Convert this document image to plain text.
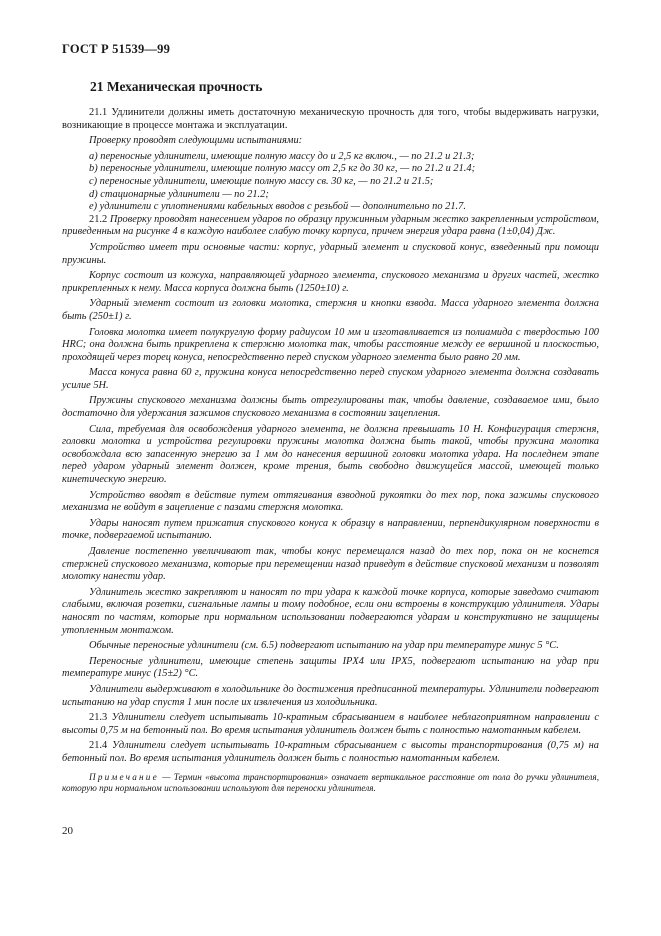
ГОСТ Р 51539—99
21 Механическая прочность

21.1 Удлинители должны иметь достаточную механическую прочность для того, чтобы выдерживать нагрузки, возникающие в процессе монтажа и эксплуатации.

Проверку проводят следующими испытаниями:

а) переносные удлинители, имеющие полную массу до и 2,5 кг включ., — по 21.2 и 21.3;

b) переносные удлинители, имеющие полную массу от 2,5 кг до 30 кг, — по 21.2 и 21.4;

c) переносные удлинители, имеющие полную массу св. 30 кг, — по 21.2 и 21.5;

d) стационарные удлинители — по 21.2;

e) удлинители с уплотнениями кабельных вводов с резьбой — дополнительно по 21.7.

21.2 Проверку проводят нанесением ударов по образцу пружинным ударным жестко закрепленным устройством, приведенным на рисунке 4 в каждую наиболее слабую точку корпуса, причем энергия удара равна (1±0,04) Дж.

Устройство имеет три основные части: корпус, ударный элемент и спусковой конус, взведенный при помощи пружины.

Корпус состоит из кожуха, направляющей ударного элемента, спускового механизма и других частей, жестко прикрепленных к нему. Масса корпуса должна быть (1250±10) г.

Ударный элемент состоит из головки молотка, стержня и кнопки взвода. Масса ударного элемента должна быть (250±1) г.

Головка молотка имеет полукруглую форму радиусом 10 мм и изготавливается из полиамида с твердостью 100 HRC; она должна быть прикреплена к стержню молотка так, чтобы расстояние между ее вершиной и плоскостью, проходящей через торец конуса, непосредственно перед спуском ударного элемента было равно 20 мм.

Масса конуса равна 60 г, пружина конуса непосредственно перед спуском ударного элемента должна создавать усилие 5Н.

Пружины спускового механизма должны быть отрегулированы так, чтобы давление, создаваемое ими, было достаточно для удержания зажимов спускового механизма в состоянии зацепления.

Сила, требуемая для освобождения ударного элемента, не должна превышать 10 Н. Конфигурация стержня, головки молотка и устройства регулировки пружины молотка должна быть такой, чтобы пружина молотка освобождала всю запасенную энергию за 1 мм до нанесения вершиной головки молотка удара. На последнем этапе перед ударом ударный элемент должен, кроме трения, быть свободно движущейся массой, имеющей только кинетическую энергию.

Устройство вводят в действие путем оттягивания взводной рукоятки до тех пор, пока зажимы спускового механизма не войдут в зацепление с пазами стержня молотка.

Удары наносят путем прижатия спускового конуса к образцу в направлении, перпендикулярном поверхности в точке, подвергаемой испытанию.

Давление постепенно увеличивают так, чтобы конус перемещался назад до тех пор, пока он не коснется стержней спускового механизма, которые при перемещении назад приведут в действие спусковой механизм и позволят молотку нанести удар.

Удлинитель жестко закрепляют и наносят по три удара к каждой точке корпуса, которые заведомо считают слабыми, включая розетки, сигнальные лампы и тому подобное, если они встроены в конструкцию удлинителя. Удары наносят по частям, которые при нормальном использовании подвергаются ударам и конструктивно не защищены утопленным монтажом.

Обычные переносные удлинители (см. 6.5) подвергают испытанию на удар при температуре минус 5 °С.

Переносные удлинители, имеющие степень защиты IPX4 или IPX5, подвергают испытанию на удар при температуре минус (15±2) °С.

Удлинители выдерживают в холодильнике до достижения предписанной температуры. Удлинители подвергают испытанию на удар спустя 1 мин после их извлечения из холодильника.

21.3 Удлинители следует испытывать 10-кратным сбрасыванием в наиболее неблагоприятном направлении с высоты 0,75 м на бетонный пол. Во время испытания удлинитель должен быть с полностью намотанным кабелем.

21.4 Удлинители следует испытывать 10-кратным сбрасыванием с высоты транспортирования (0,75 м) на бетонный пол. Во время испытания удлинитель должен быть с полностью намотанным кабелем.

Примечание — Термин «высота транспортирования» означает вертикальное расстояние от пола до ручки удлинителя, которую при нормальном использовании используют для переноски удлинителя.
20
